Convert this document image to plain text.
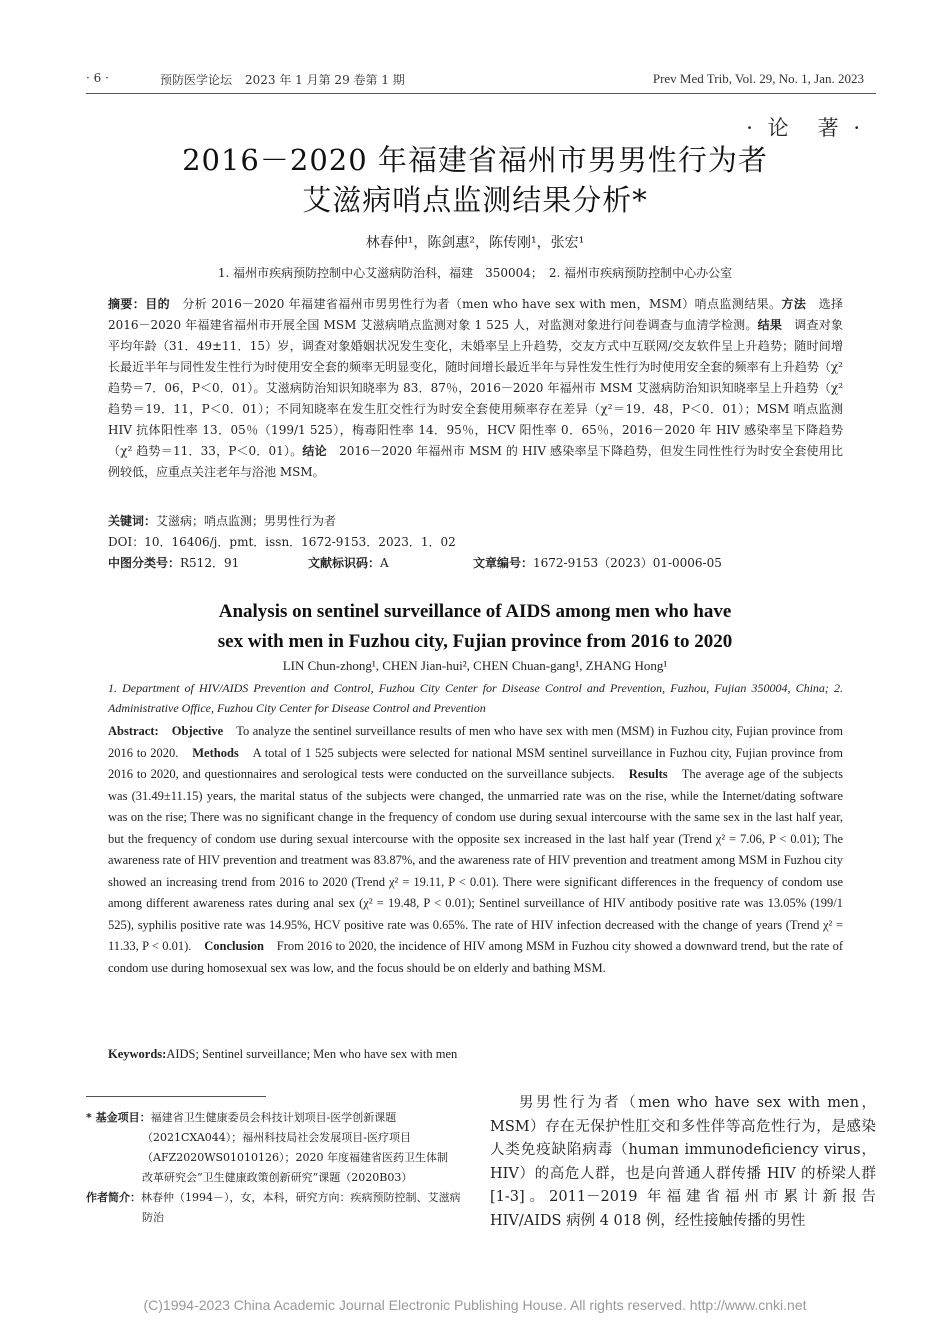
· 6 ·	预防医学论坛 2023 年 1 月第 29 卷第 1 期	Prev Med Trib, Vol. 29, No. 1, Jan. 2023
· 论　著 ·
2016－2020 年福建省福州市男男性行为者
艾滋病哨点监测结果分析*
林春仲¹，陈剑惠²，陈传刚¹，张宏¹
1. 福州市疾病预防控制中心艾滋病防治科，福建　350004；　2. 福州市疾病预防控制中心办公室
摘要：目的　分析 2016－2020 年福建省福州市男男性行为者（men who have sex with men，MSM）哨点监测结果。方法　选择 2016－2020 年福建省福州市开展全国 MSM 艾滋病哨点监测对象 1 525 人，对监测对象进行问卷调查与血清学检测。结果　调查对象平均年龄（31．49±11．15）岁，调查对象婚姻状况发生变化，未婚率呈上升趋势，交友方式中互联网/交友软件呈上升趋势；随时间增长最近半年与同性发生性行为时使用安全套的频率无明显变化，随时间增长最近半年与异性发生性行为时使用安全套的频率有上升趋势（χ² 趋势＝7．06，P＜0．01）。艾滋病防治知识知晓率为 83．87％，2016－2020 年福州市 MSM 艾滋病防治知识知晓率呈上升趋势（χ² 趋势＝19．11，P＜0．01）；不同知晓率在发生肛交性行为时安全套使用频率存在差异（χ²＝19．48，P＜0．01）；MSM 哨点监测 HIV 抗体阳性率 13．05％（199/1 525），梅毒阳性率 14．95％，HCV 阳性率 0．65％，2016－2020 年 HIV 感染率呈下降趋势（χ² 趋势＝11．33，P＜0．01）。结论　2016－2020 年福州市 MSM 的 HIV 感染率呈下降趋势，但发生同性性行为时安全套使用比例较低，应重点关注老年与浴池 MSM。
关键词：艾滋病；哨点监测；男男性行为者
DOI：10．16406/j．pmt．issn．1672-9153．2023．1．02
中图分类号：R512．91	文献标识码：A	文章编号：1672-9153（2023）01-0006-05
Analysis on sentinel surveillance of AIDS among men who have
sex with men in Fuzhou city, Fujian province from 2016 to 2020
LIN Chun-zhong¹, CHEN Jian-hui², CHEN Chuan-gang¹, ZHANG Hong¹
1. Department of HIV/AIDS Prevention and Control, Fuzhou City Center for Disease Control and Prevention, Fuzhou, Fujian 350004, China; 2. Administrative Office, Fuzhou City Center for Disease Control and Prevention
Abstract:　 Objective　To analyze the sentinel surveillance results of men who have sex with men (MSM) in Fuzhou city, Fujian province from 2016 to 2020.　 Methods　A total of 1 525 subjects were selected for national MSM sentinel surveillance in Fuzhou city, Fujian province from 2016 to 2020, and questionnaires and serological tests were conducted on the surveillance subjects.　 Results　The average age of the subjects was (31.49±11.15) years, the marital status of the subjects were changed, the unmarried rate was on the rise, while the Internet/dating software was on the rise; There was no significant change in the frequency of condom use during sexual intercourse with the same sex in the last half year, but the frequency of condom use during sexual intercourse with the opposite sex increased in the last half year (Trend χ² = 7.06, P < 0.01); The awareness rate of HIV prevention and treatment was 83.87%, and the awareness rate of HIV prevention and treatment among MSM in Fuzhou city showed an increasing trend from 2016 to 2020 (Trend χ² = 19.11, P < 0.01). There were significant differences in the frequency of condom use among different awareness rates during anal sex (χ² = 19.48, P < 0.01); Sentinel surveillance of HIV antibody positive rate was 13.05% (199/1 525), syphilis positive rate was 14.95%, HCV positive rate was 0.65%. The rate of HIV infection decreased with the change of years (Trend χ² = 11.33, P < 0.01).　 Conclusion　From 2016 to 2020, the incidence of HIV among MSM in Fuzhou city showed a downward trend, but the rate of condom use during homosexual sex was low, and the focus should be on elderly and bathing MSM.
Keywords:AIDS; Sentinel surveillance; Men who have sex with men
* 基金项目：福建省卫生健康委员会科技计划项目-医学创新课题
（2021CXA044）；福州科技局社会发展项目-医疗项目
（AFZ2020WS01010126）；2020 年度福建省医药卫生体制
改革研究会“卫生健康政策创新研究”课题（2020B03）
作者简介：林春仲（1994－），女，本科，研究方向：疾病预防控制、艾滋病
防治
男男性行为者（men who have sex with men，MSM）存在无保护性肛交和多性伴等高危性行为，是感染人类免疫缺陷病毒（human immunodeficiency virus，HIV）的高危人群，也是向普通人群传播 HIV 的桥梁人群[1-3]。2011－2019 年福建省福州市累计新报告 HIV/AIDS 病例 4 018 例，经性接触传播的男性
(C)1994-2023 China Academic Journal Electronic Publishing House. All rights reserved. http://www.cnki.net
